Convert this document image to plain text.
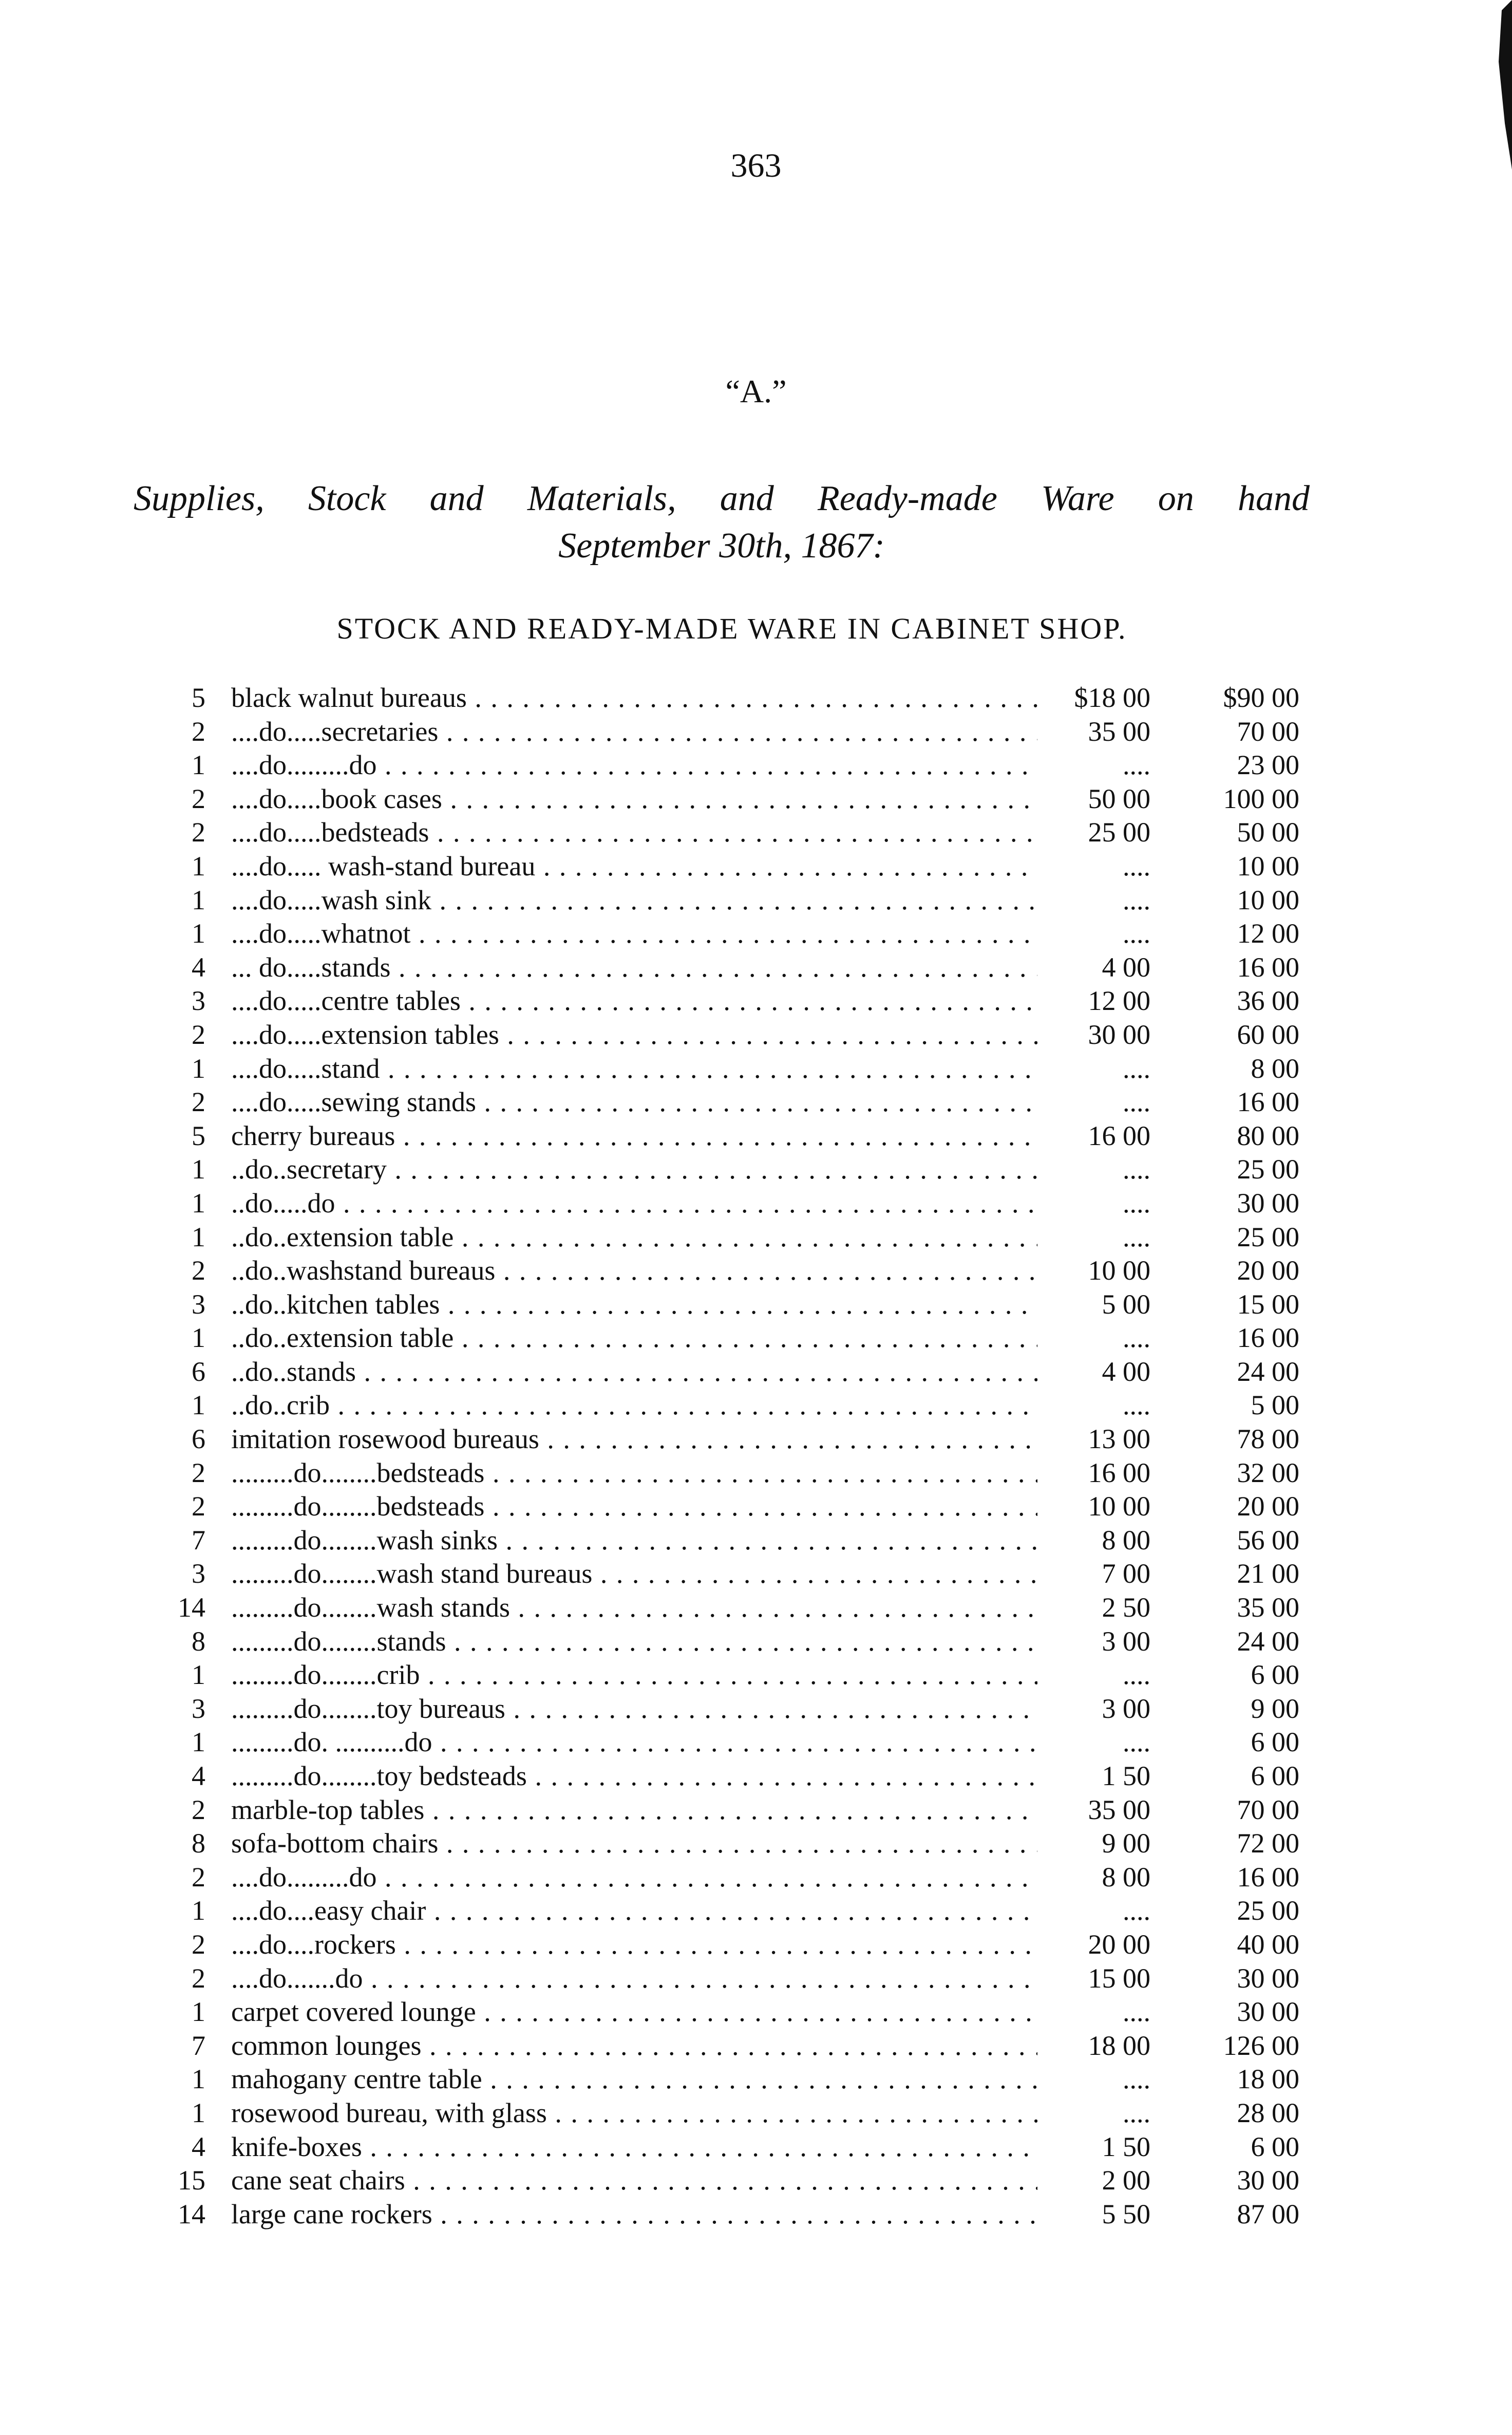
363
“A.”
Supplies, Stock and Materials, and Ready-made Ware on hand
September 30th, 1867:
STOCK AND READY-MADE WARE IN CABINET SHOP.
5 black walnut bureaus . . .	$18 00	$90 00
2 ....do.....secretaries . . .	35 00	70 00
1 ....do.........do . . .	....	23 00
2 ....do.....book cases . . .	50 00	100 00
2 ....do.....bedsteads . . .	25 00	50 00
1 ....do..... wash-stand bureau . . .	....	10 00
1 ....do.....wash sink . . .	....	10 00
1 ....do.....whatnot . . .	....	12 00
4 ... do.....stands . . .	4 00	16 00
3 ....do.....centre tables . . .	12 00	36 00
2 ....do.....extension tables . . .	30 00	60 00
1 ....do.....stand . . .	....	8 00
2 ....do.....sewing stands . . .	....	16 00
5 cherry bureaus . . .	16 00	80 00
1 ..do..secretary . . .	....	25 00
1 ..do.....do . . .	....	30 00
1 ..do..extension table . . .	....	25 00
2 ..do..washstand bureaus . . .	10 00	20 00
3 ..do..kitchen tables . . .	5 00	15 00
1 ..do..extension table . . .	....	16 00
6 ..do..stands . . .	4 00	24 00
1 ..do..crib . . .	....	5 00
6 imitation rosewood bureaus . . .	13 00	78 00
2 .........do........bedsteads . . .	16 00	32 00
2 .........do........bedsteads . . .	10 00	20 00
7 .........do........wash sinks . . .	8 00	56 00
3 .........do........wash stand bureaus . . .	7 00	21 00
14 .........do........wash stands . . .	2 50	35 00
8 .........do........stands . . .	3 00	24 00
1 .........do........crib . . .	....	6 00
3 .........do........toy bureaus . . .	3 00	9 00
1 .........do. ..........do . . .	....	6 00
4 .........do........toy bedsteads . . .	1 50	6 00
2 marble-top tables . . .	35 00	70 00
8 sofa-bottom chairs . . .	9 00	72 00
2 ....do.........do . . .	8 00	16 00
1 ....do....easy chair . . .	....	25 00
2 ....do....rockers . . .	20 00	40 00
2 ....do.......do . . .	15 00	30 00
1 carpet covered lounge . . .	....	30 00
7 common lounges . . .	18 00	126 00
1 mahogany centre table . . .	....	18 00
1 rosewood bureau, with glass . . .	....	28 00
4 knife-boxes . . .	1 50	6 00
15 cane seat chairs . . .	2 00	30 00
14 large cane rockers . . .	5 50	87 00
